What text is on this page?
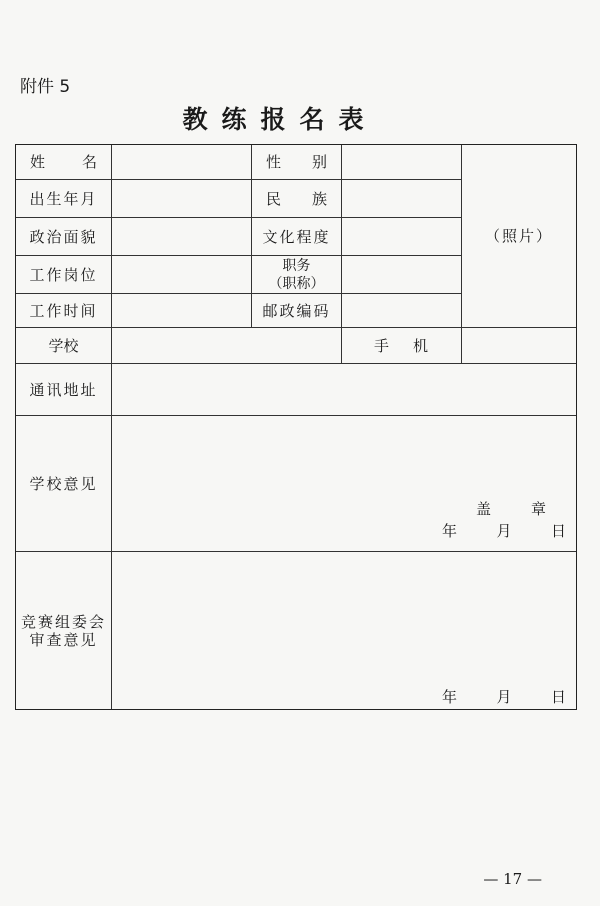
附件 5
教练报名表
姓 名	性 别
出生年月	民 族
政治面貌	文化程度
工作岗位	职务
（职称）
工作时间	邮政编码
（照片）
学校	手 机
通讯地址
学校意见
盖	章
年	月	日
竞赛组委会
审查意见
年	月	日
— 17 —
